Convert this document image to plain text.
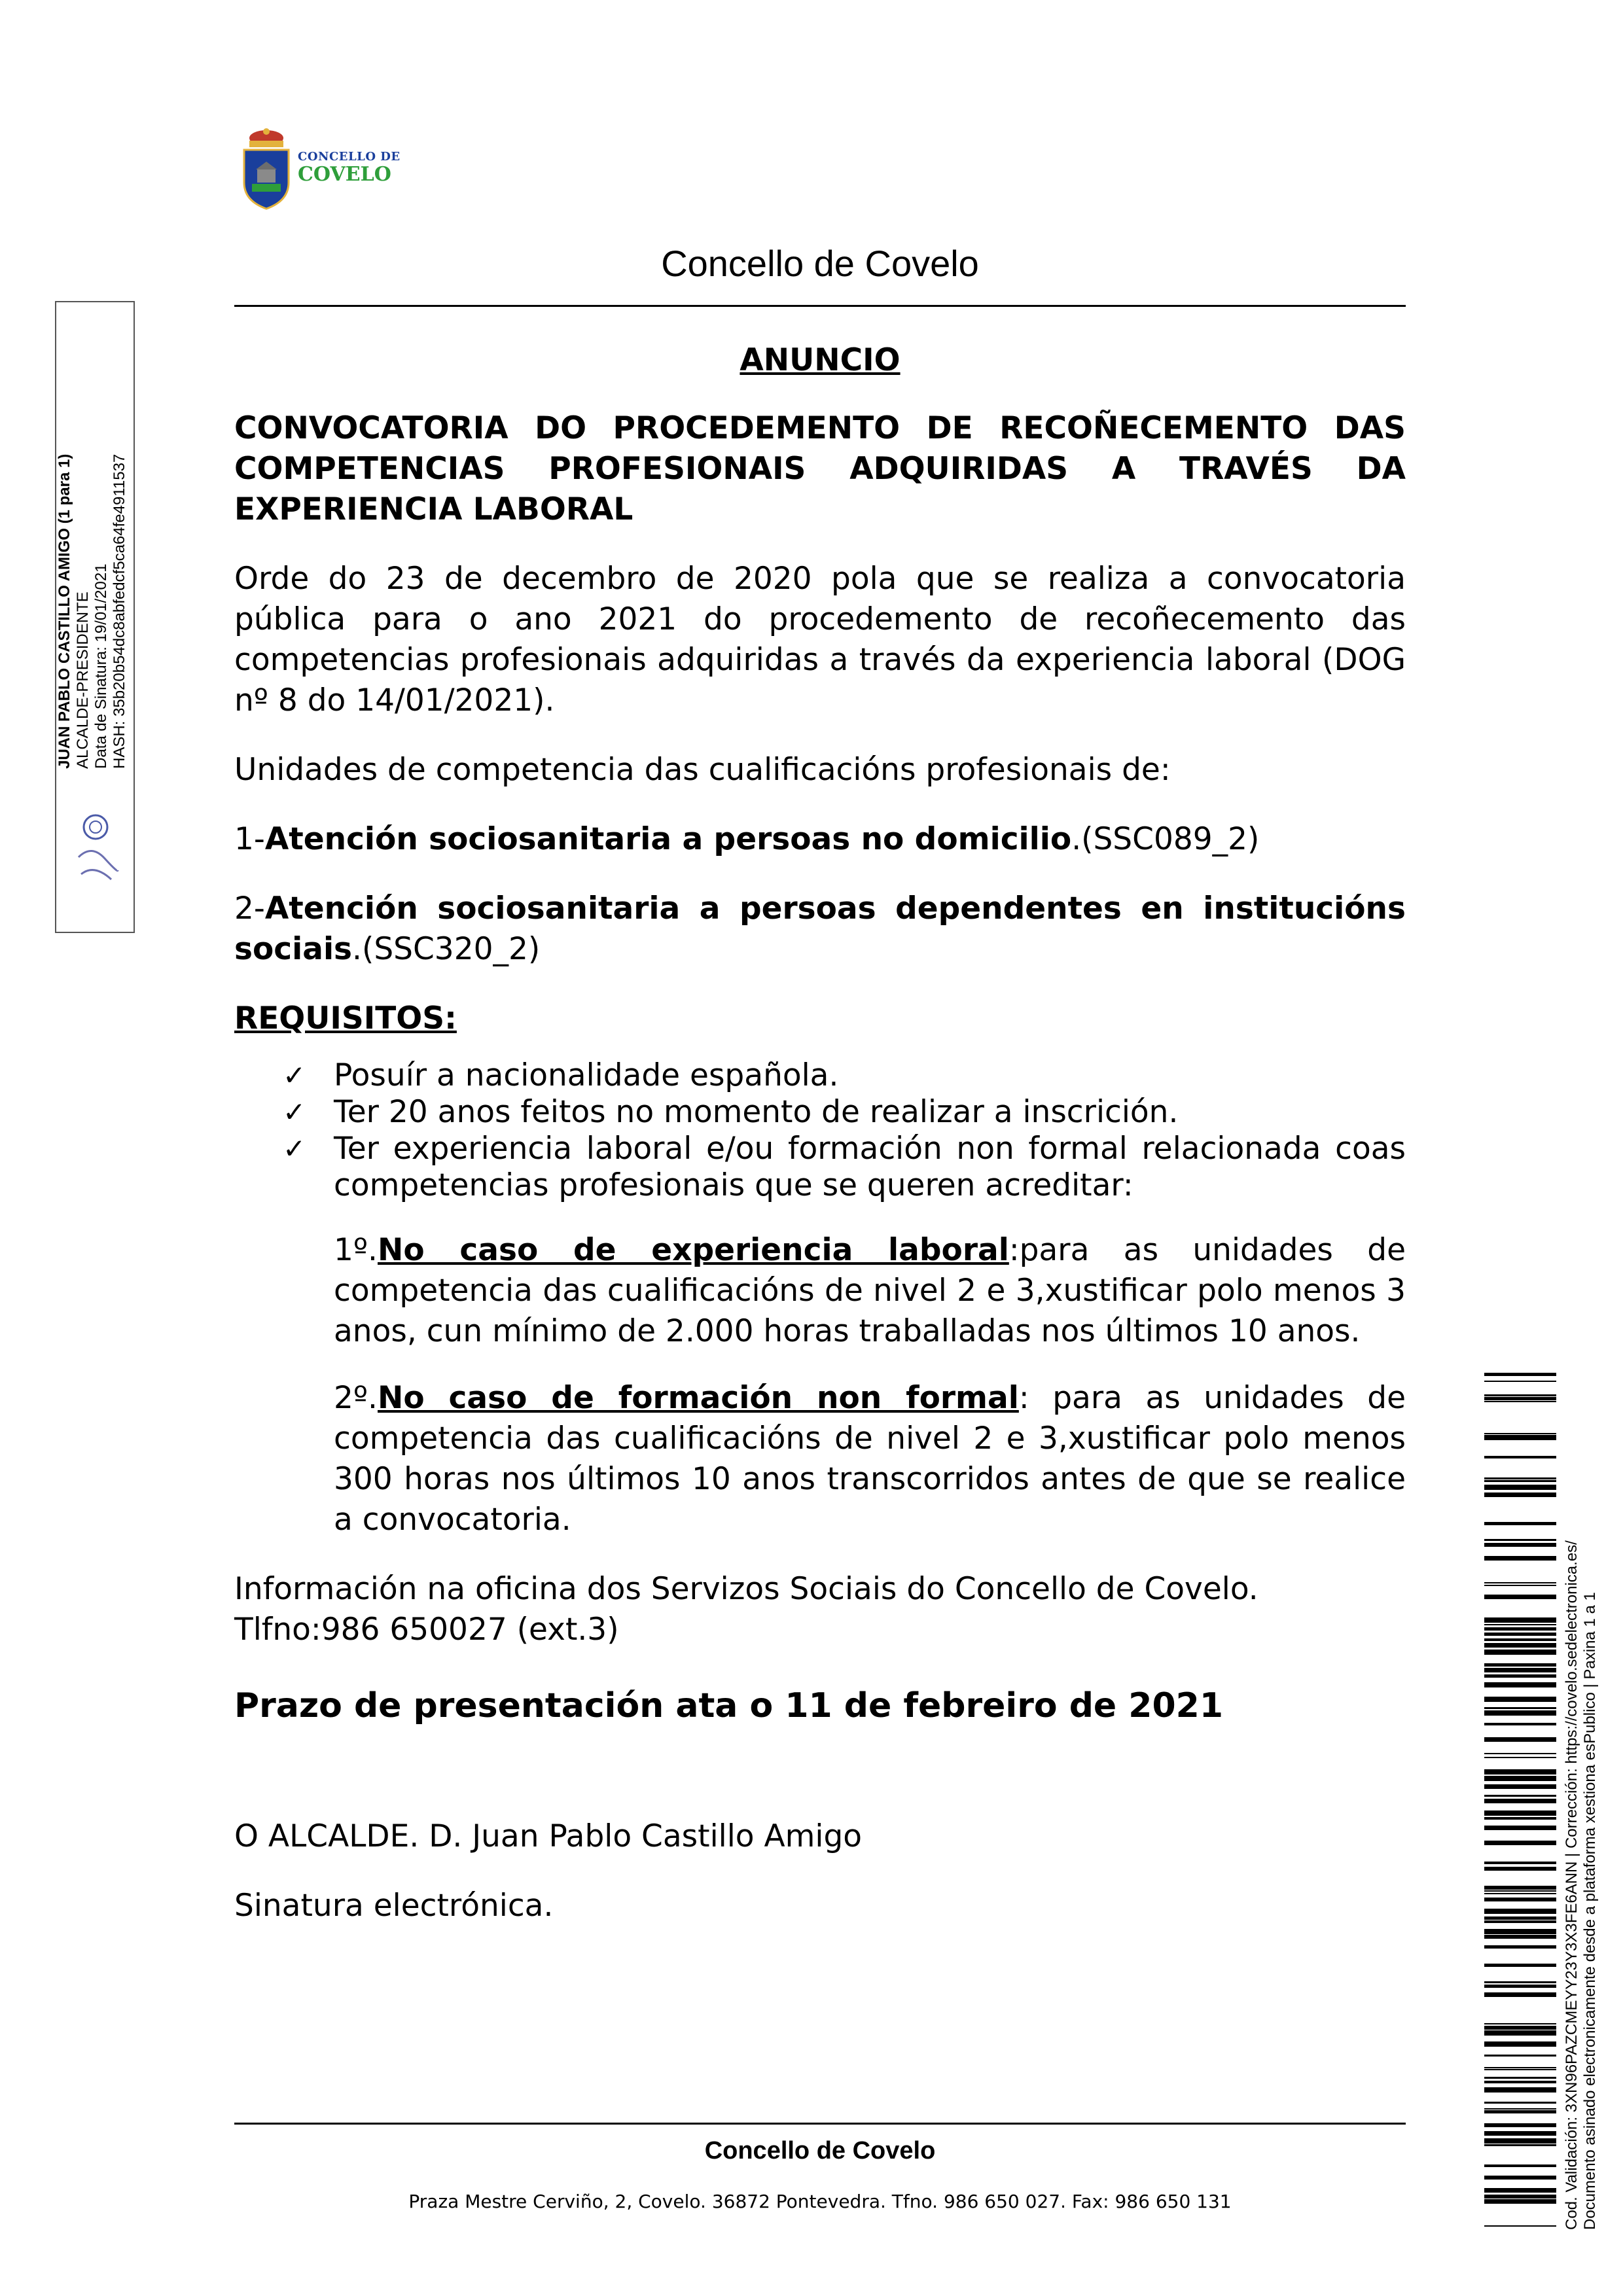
CONCELLO DE
COVELO
Concello de Covelo

ANUNCIO

CONVOCATORIA DO PROCEDEMENTO DE RECOÑECEMENTO DAS COMPETENCIAS PROFESIONAIS ADQUIRIDAS A TRAVÉS DA EXPERIENCIA LABORAL

Orde do 23 de decembro de 2020 pola que se realiza a convocatoria pública para o ano 2021 do procedemento de recoñecemento das competencias profesionais adquiridas a través da experiencia laboral (DOG nº 8 do 14/01/2021).

Unidades de competencia das cualificacións profesionais de:

1-Atención sociosanitaria a persoas no domicilio.(SSC089_2)

2-Atención sociosanitaria a persoas dependentes en institucións sociais.(SSC320_2)

REQUISITOS:

✓ Posuír a nacionalidade española.
✓ Ter 20 anos feitos no momento de realizar a inscrición.
✓ Ter experiencia laboral e/ou formación non formal relacionada coas competencias profesionais que se queren acreditar:

1º.No caso de experiencia laboral:para as unidades de competencia das cualificacións de nivel 2 e 3,xustificar polo menos 3 anos, cun mínimo de 2.000 horas traballadas nos últimos 10 anos.

2º.No caso de formación non formal: para as unidades de competencia das cualificacións de nivel 2 e 3,xustificar polo menos 300 horas nos últimos 10 anos transcorridos antes de que se realice a convocatoria.

Información na oficina dos Servizos Sociais do Concello de Covelo. Tlfno:986 650027 (ext.3)

Prazo de presentación ata o 11 de febreiro de 2021

O ALCALDE. D. Juan Pablo Castillo Amigo

Sinatura electrónica.

Concello de Covelo
Praza Mestre Cerviño, 2, Covelo. 36872 Pontevedra. Tfno. 986 650 027. Fax: 986 650 131
JUAN PABLO CASTILLO AMIGO (1 para 1) ALCALDE-PRESIDENTE Data de Sinatura: 19/01/2021 HASH: 35b20b54dc8abfedcf5ca64fe4911537
Cod. Validación: 3XN96PAZCMEYY23Y3X3FE6ANN | Corrección: https://covelo.sedelectronica.es/ Documento asinado electronicamente desde a plataforma xestiona esPublico | Paxina 1 a 1
